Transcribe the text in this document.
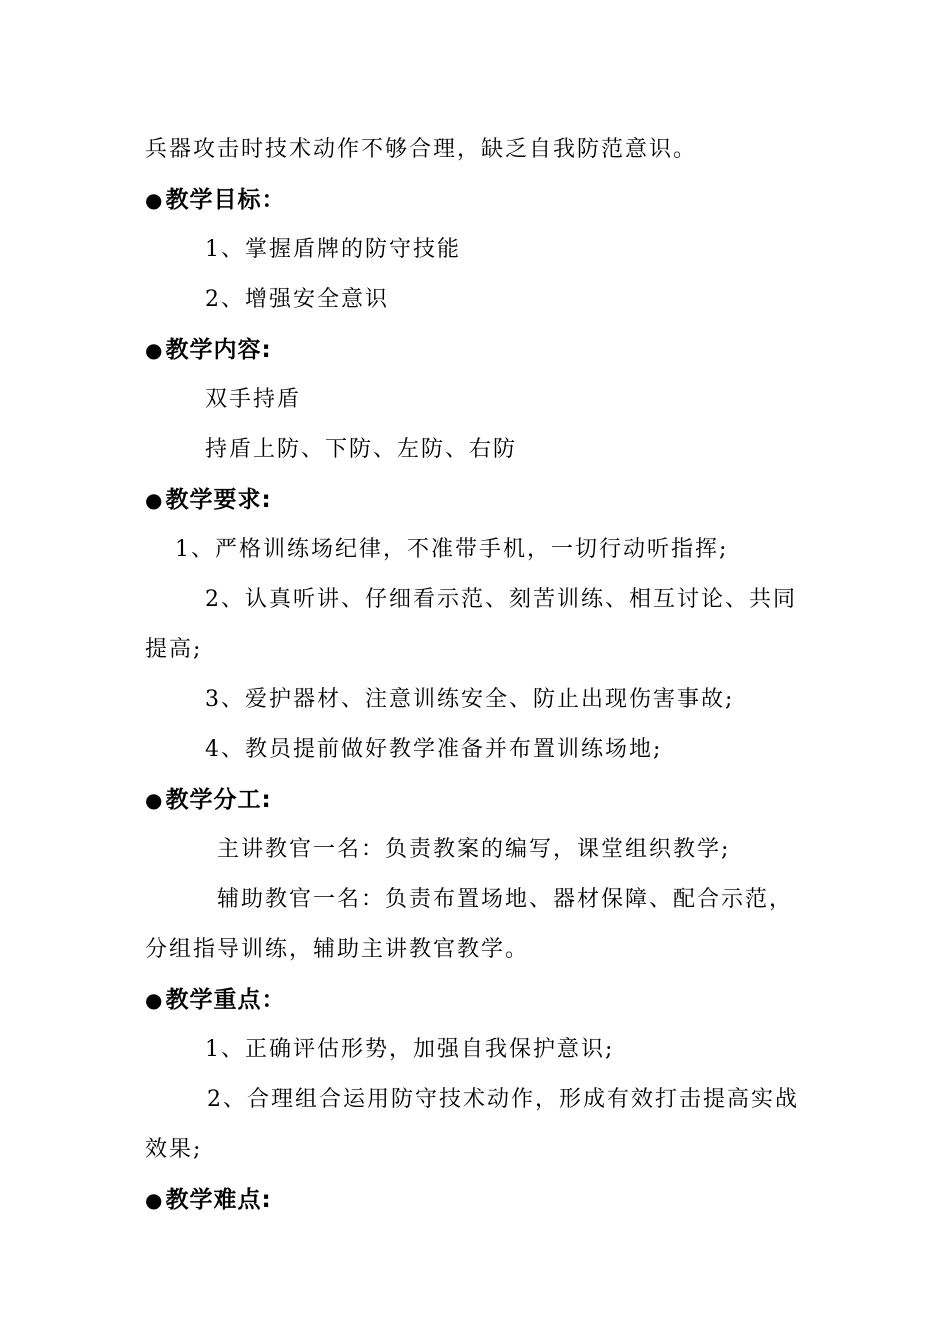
兵器攻击时技术动作不够合理，缺乏自我防范意识。
●教学目标：
1、掌握盾牌的防守技能
2、增强安全意识
●教学内容:
双手持盾
持盾上防、下防、左防、右防
●教学要求:
1、严格训练场纪律，不准带手机，一切行动听指挥;
2、认真听讲、仔细看示范、刻苦训练、相互讨论、共同
提高;
3、爱护器材、注意训练安全、防止出现伤害事故;
4、教员提前做好教学准备并布置训练场地;
●教学分工:
主讲教官一名：负责教案的编写，课堂组织教学;
辅助教官一名：负责布置场地、器材保障、配合示范，
分组指导训练，辅助主讲教官教学。
●教学重点：
1、正确评估形势，加强自我保护意识;
2、合理组合运用防守技术动作，形成有效打击提高实战
效果;
●教学难点:
